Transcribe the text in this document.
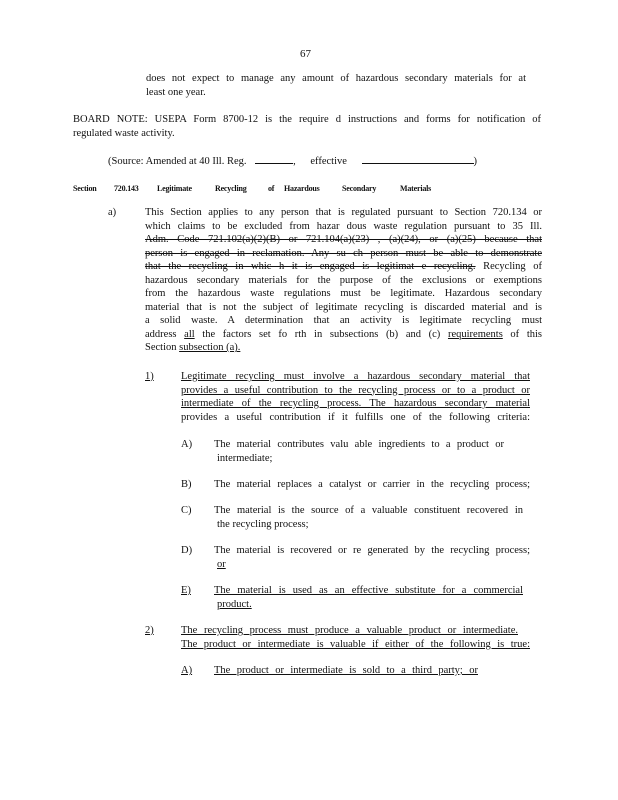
67
does not expect to manage any amount of hazardous secondary materials for at
least one year.
BOARD NOTE: USEPA Form 8700-12 is the require d instructions and forms for notification of
regulated waste activity.
(Source: Amended at 40 Ill. Reg.	, effective	)
Section 720.143 Legitimate	Recycling	of Hazardous	Secondary	Materials
a)	This Section applies to any person that is regulated pursuant to Section 720.134 or
which claims to be excluded from hazar dous waste regulation pursuant to 35 Ill.
Adm. Code 721.102(a)(2)(B) or 721.104(a)(23) , (a)(24), or (a)(25) because that
person is engaged in reclamation. Any su ch person must be able to demonstrate
that the recycling in whic h it is engaged is legitimat e recycling. Recycling of
hazardous secondary materials for the purpose of the exclusions or exemptions
from the hazardous waste regulations must be legitimate. Hazardous secondary
material that is not the subject of legitimate recycling is discarded material and is
a solid waste. A determination that an activity is legitimate recycling must
address all the factors set fo rth in subsections (b) and (c) requirements of this
Section subsection (a).
1)	Legitimate recycling must involve a hazardous secondary material that
provides a useful contribution to the recycling process or to a product or
intermediate of the recycling process. The hazardous secondary material
provides a useful contribution if it fulfills one of the following criteria:
A) The material contributes valu able ingredients to a product or
intermediate;
B) The material replaces a catalyst or carrier in the recycling process;
C) The material is the source of a valuable constituent recovered in
the recycling process;
D) The material is recovered or re generated by the recycling process;
or
E) The material is used as an effective substitute for a commercial
product.
2)	The recycling process must produce a valuable product or intermediate.
The product or intermediate is valuable if either of the following is true:
A) The product or intermediate is sold to a third party; or
